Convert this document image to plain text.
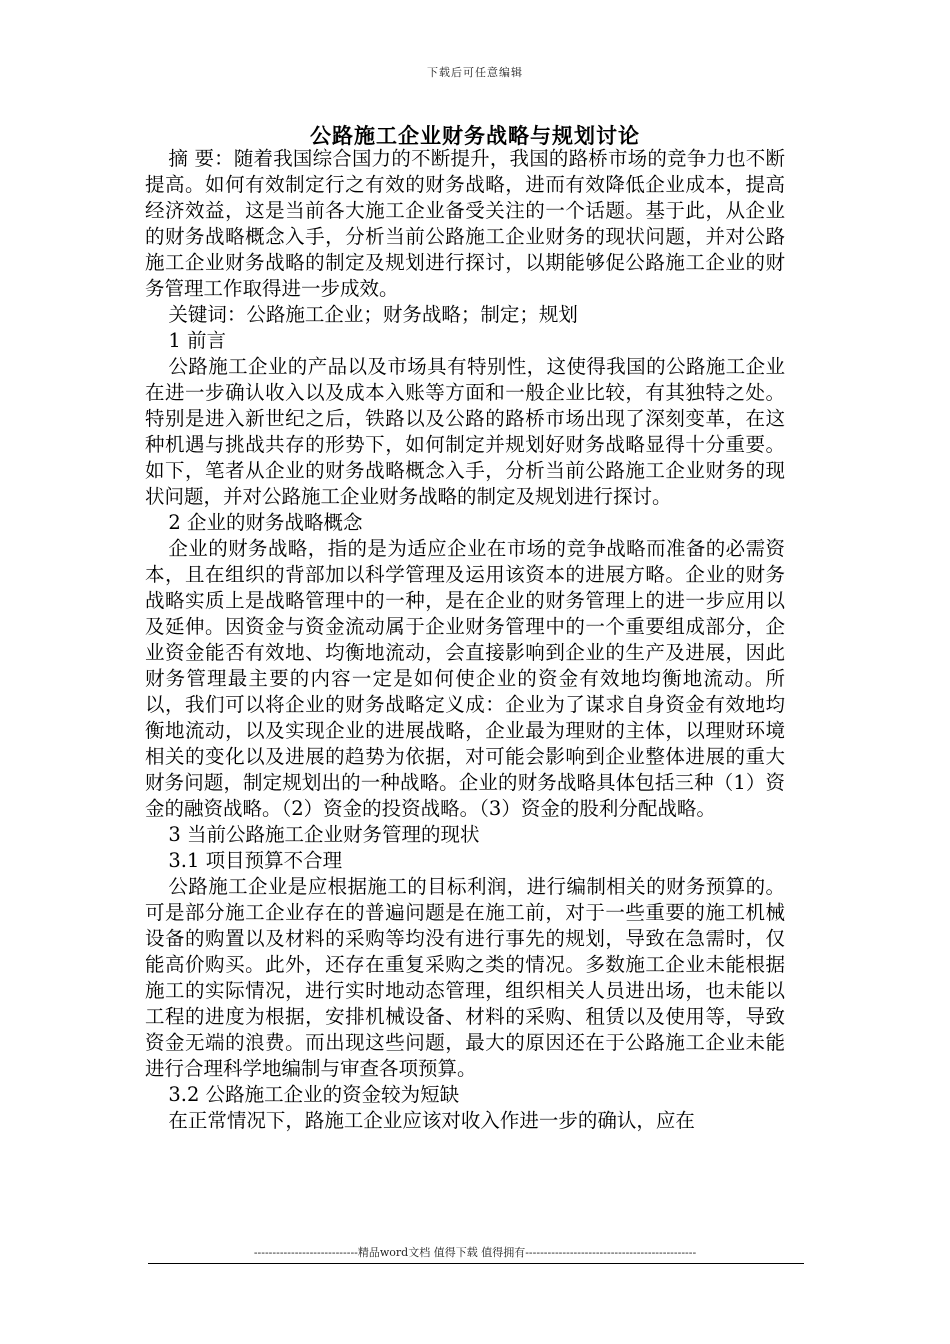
下载后可任意编辑
公路施工企业财务战略与规划讨论

摘 要：随着我国综合国力的不断提升，我国的路桥市场的竞争力也不断提高。如何有效制定行之有效的财务战略，进而有效降低企业成本，提高经济效益，这是当前各大施工企业备受关注的一个话题。基于此，从企业的财务战略概念入手，分析当前公路施工企业财务的现状问题，并对公路施工企业财务战略的制定及规划进行探讨，以期能够促公路施工企业的财务管理工作取得进一步成效。

关键词：公路施工企业；财务战略；制定；规划

1 前言

公路施工企业的产品以及市场具有特别性，这使得我国的公路施工企业在进一步确认收入以及成本入账等方面和一般企业比较，有其独特之处。特别是进入新世纪之后，铁路以及公路的路桥市场出现了深刻变革，在这种机遇与挑战共存的形势下，如何制定并规划好财务战略显得十分重要。如下，笔者从企业的财务战略概念入手，分析当前公路施工企业财务的现状问题，并对公路施工企业财务战略的制定及规划进行探讨。

2 企业的财务战略概念

企业的财务战略，指的是为适应企业在市场的竞争战略而准备的必需资本，且在组织的背部加以科学管理及运用该资本的进展方略。企业的财务战略实质上是战略管理中的一种，是在企业的财务管理上的进一步应用以及延伸。因资金与资金流动属于企业财务管理中的一个重要组成部分，企业资金能否有效地、均衡地流动，会直接影响到企业的生产及进展，因此财务管理最主要的内容一定是如何使企业的资金有效地均衡地流动。所以，我们可以将企业的财务战略定义成：企业为了谋求自身资金有效地均衡地流动，以及实现企业的进展战略，企业最为理财的主体，以理财环境相关的变化以及进展的趋势为依据，对可能会影响到企业整体进展的重大财务问题，制定规划出的一种战略。企业的财务战略具体包括三种（1）资金的融资战略。（2）资金的投资战略。（3）资金的股利分配战略。

3 当前公路施工企业财务管理的现状

3.1 项目预算不合理

公路施工企业是应根据施工的目标利润，进行编制相关的财务预算的。可是部分施工企业存在的普遍问题是在施工前，对于一些重要的施工机械设备的购置以及材料的采购等均没有进行事先的规划，导致在急需时，仅能高价购买。此外，还存在重复采购之类的情况。多数施工企业未能根据施工的实际情况，进行实时地动态管理，组织相关人员进出场，也未能以工程的进度为根据，安排机械设备、材料的采购、租赁以及使用等，导致资金无端的浪费。而出现这些问题，最大的原因还在于公路施工企业未能进行合理科学地编制与审查各项预算。

3.2 公路施工企业的资金较为短缺

在正常情况下，路施工企业应该对收入作进一步的确认，应在

----------------------------精品word文档 值得下载 值得拥有----------------------------------------------
